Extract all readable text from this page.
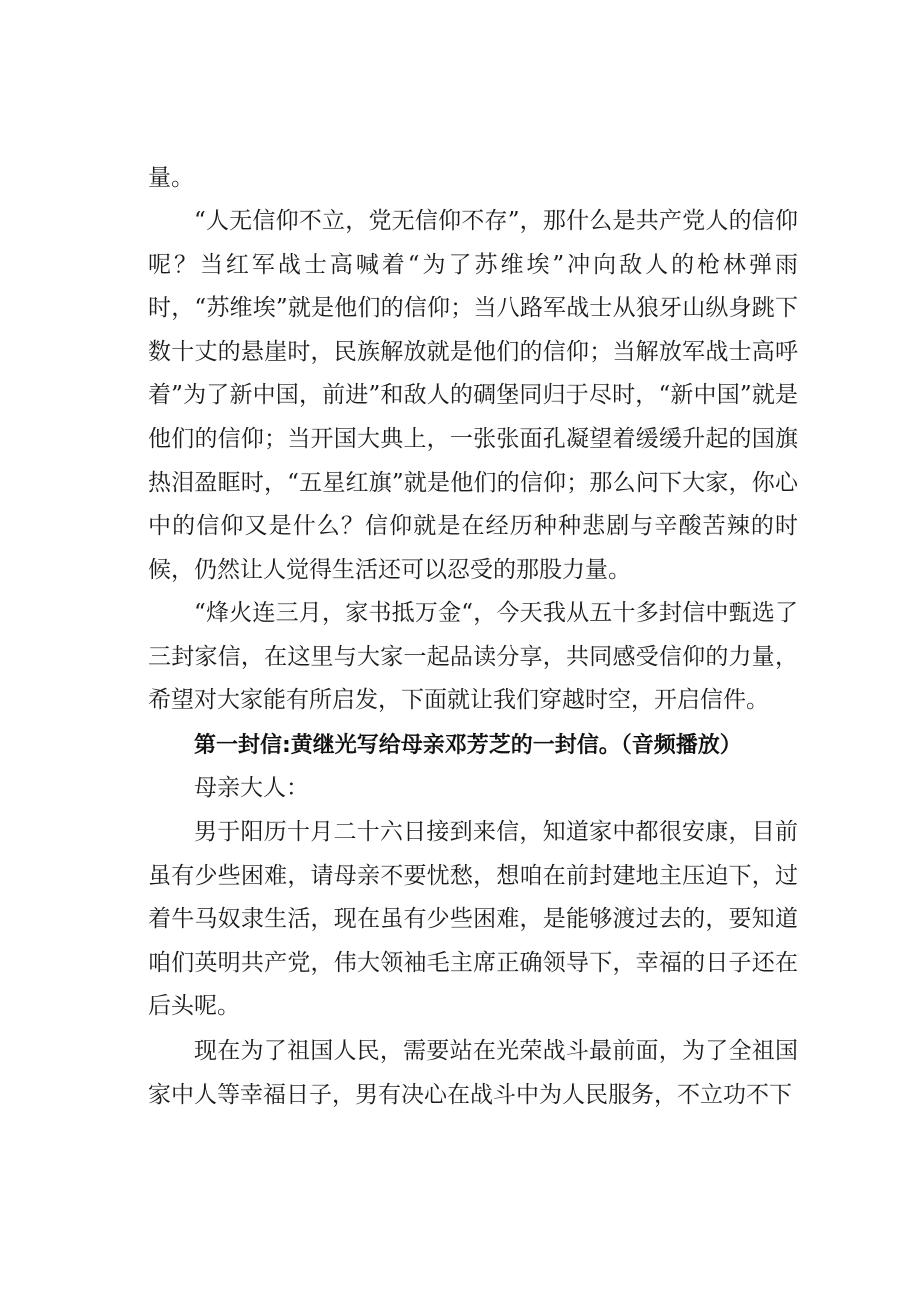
量。

“人无信仰不立，党无信仰不存”，那什么是共产党人的信仰呢？当红军战士高喊着“为了苏维埃”冲向敌人的枪林弹雨时，“苏维埃”就是他们的信仰；当八路军战士从狼牙山纵身跳下数十丈的悬崖时，民族解放就是他们的信仰；当解放军战士高呼着”为了新中国，前进”和敌人的碉堡同归于尽时，“新中国”就是他们的信仰；当开国大典上，一张张面孔凝望着缓缓升起的国旗热泪盈眶时，“五星红旗”就是他们的信仰；那么问下大家，你心中的信仰又是什么？信仰就是在经历种种悲剧与辛酸苦辣的时候，仍然让人觉得生活还可以忍受的那股力量。

“烽火连三月，家书抵万金“，今天我从五十多封信中甄选了三封家信，在这里与大家一起品读分享，共同感受信仰的力量，希望对大家能有所启发，下面就让我们穿越时空，开启信件。

第一封信:黄继光写给母亲邓芳芝的一封信。（音频播放）

母亲大人：

男于阳历十月二十六日接到来信，知道家中都很安康，目前虽有少些困难，请母亲不要忧愁，想咱在前封建地主压迫下，过着牛马奴隶生活，现在虽有少些困难，是能够渡过去的，要知道咱们英明共产党，伟大领袖毛主席正确领导下，幸福的日子还在后头呢。

现在为了祖国人民，需要站在光荣战斗最前面，为了全祖国家中人等幸福日子，男有决心在战斗中为人民服务，不立功不下
